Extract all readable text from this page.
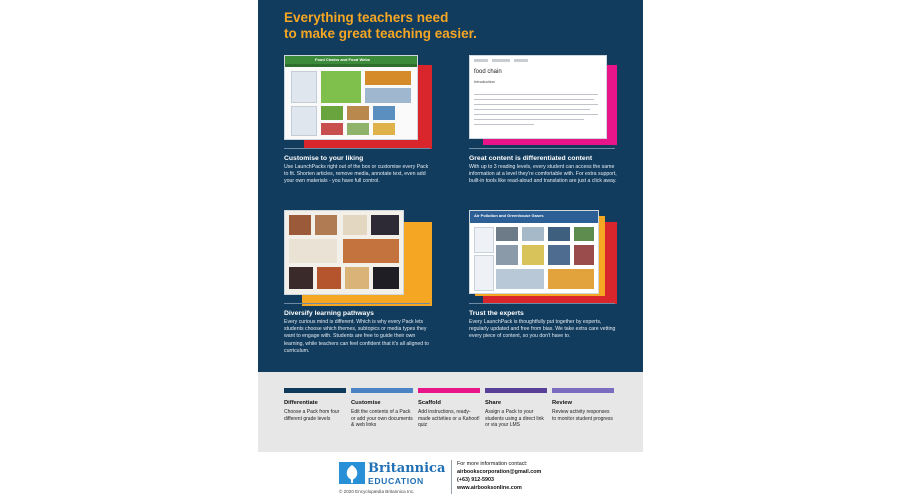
Everything teachers need
to make great teaching easier.
Food Chains and Food Webs
food chain
Introduction
Customise to your liking
Use LaunchPacks right out of the box or customise every Pack to fit. Shorten articles, remove media, annotate text, even add your own materials - you have full control.
Great content is differentiated content
With up to 3 reading levels, every student can access the same information at a level they're comfortable with. For extra support, built-in tools like read-aloud and translation are just a click away.
Air Pollution and Greenhouse Gases
Diversify learning pathways
Every curious mind is different. Which is why every Pack lets students choose which themes, subtopics or media types they want to engage with. Students are free to guide their own learning, while teachers can feel confident that it's all aligned to curriculum.
Trust the experts
Every LaunchPack is thoughtfully put together by experts, regularly updated and free from bias. We take extra care vetting every piece of content, so you don't have to.
Differentiate
Choose a Pack from four different grade levels
Customise
Edit the contents of a Pack or add your own documents & web links
Scaffold
Add instructions, ready-made activities or a Kahoot! quiz
Share
Assign a Pack to your students using a direct link or via your LMS
Review
Review activity responses to monitor student progress
Britannica
EDUCATION
© 2020 Encyclopædia Britannica Inc.
For more information contact:
airbookscorporation@gmail.com
(+63) 912-5903
www.airbooksonline.com
